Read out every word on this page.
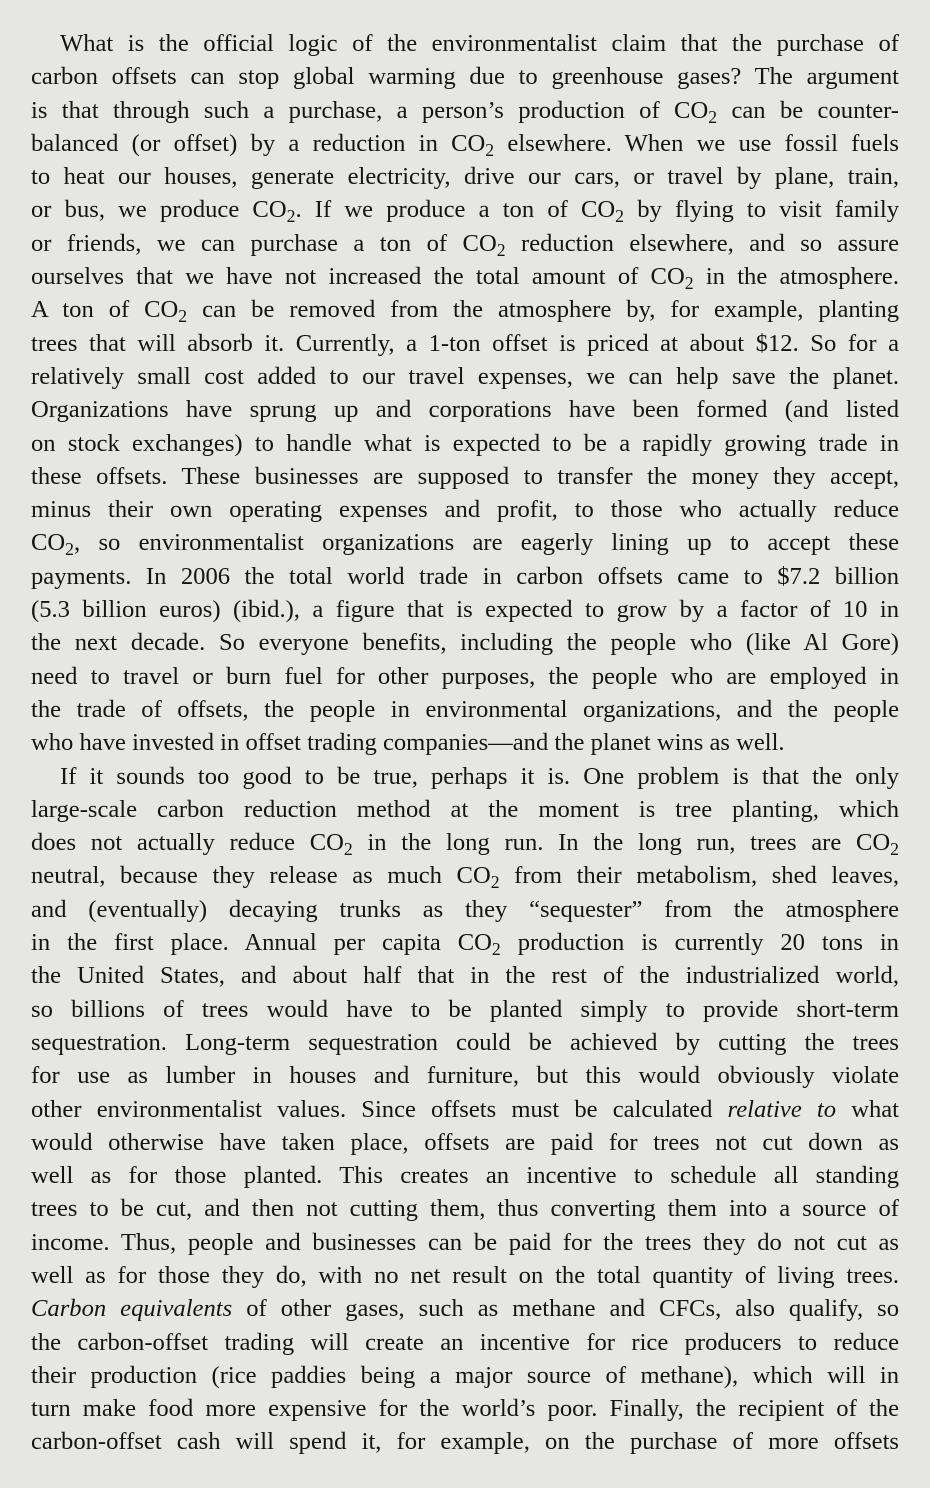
What is the official logic of the environmentalist claim that the purchase of
carbon offsets can stop global warming due to greenhouse gases? The argument
is that through such a purchase, a person’s production of $CO_2$ can be counter-
balanced (or offset) by a reduction in $CO_2$ elsewhere. When we use fossil fuels
to heat our houses, generate electricity, drive our cars, or travel by plane, train,
or bus, we produce $CO_2$. If we produce a ton of $CO_2$ by flying to visit family
or friends, we can purchase a ton of $CO_2$ reduction elsewhere, and so assure
ourselves that we have not increased the total amount of $CO_2$ in the atmosphere.
A ton of $CO_2$ can be removed from the atmosphere by, for example, planting
trees that will absorb it. Currently, a 1-ton offset is priced at about $12. So for a
relatively small cost added to our travel expenses, we can help save the planet.
Organizations have sprung up and corporations have been formed (and listed
on stock exchanges) to handle what is expected to be a rapidly growing trade in
these offsets. These businesses are supposed to transfer the money they accept,
minus their own operating expenses and profit, to those who actually reduce
$CO_2$, so environmentalist organizations are eagerly lining up to accept these
payments. In 2006 the total world trade in carbon offsets came to $7.2 billion
(5.3 billion euros) (ibid.), a figure that is expected to grow by a factor of 10 in
the next decade. So everyone benefits, including the people who (like Al Gore)
need to travel or burn fuel for other purposes, the people who are employed in
the trade of offsets, the people in environmental organizations, and the people
who have invested in offset trading companies—and the planet wins as well.
If it sounds too good to be true, perhaps it is. One problem is that the only
large-scale carbon reduction method at the moment is tree planting, which
does not actually reduce $CO_2$ in the long run. In the long run, trees are $CO_2$
neutral, because they release as much $CO_2$ from their metabolism, shed leaves,
and (eventually) decaying trunks as they “sequester” from the atmosphere
in the first place. Annual per capita $CO_2$ production is currently 20 tons in
the United States, and about half that in the rest of the industrialized world,
so billions of trees would have to be planted simply to provide short-term
sequestration. Long-term sequestration could be achieved by cutting the trees
for use as lumber in houses and furniture, but this would obviously violate
other environmentalist values. Since offsets must be calculated relative to what
would otherwise have taken place, offsets are paid for trees not cut down as
well as for those planted. This creates an incentive to schedule all standing
trees to be cut, and then not cutting them, thus converting them into a source of
income. Thus, people and businesses can be paid for the trees they do not cut as
well as for those they do, with no net result on the total quantity of living trees.
Carbon equivalents of other gases, such as methane and CFCs, also qualify, so
the carbon-offset trading will create an incentive for rice producers to reduce
their production (rice paddies being a major source of methane), which will in
turn make food more expensive for the world’s poor. Finally, the recipient of the
carbon-offset cash will spend it, for example, on the purchase of more offsets
